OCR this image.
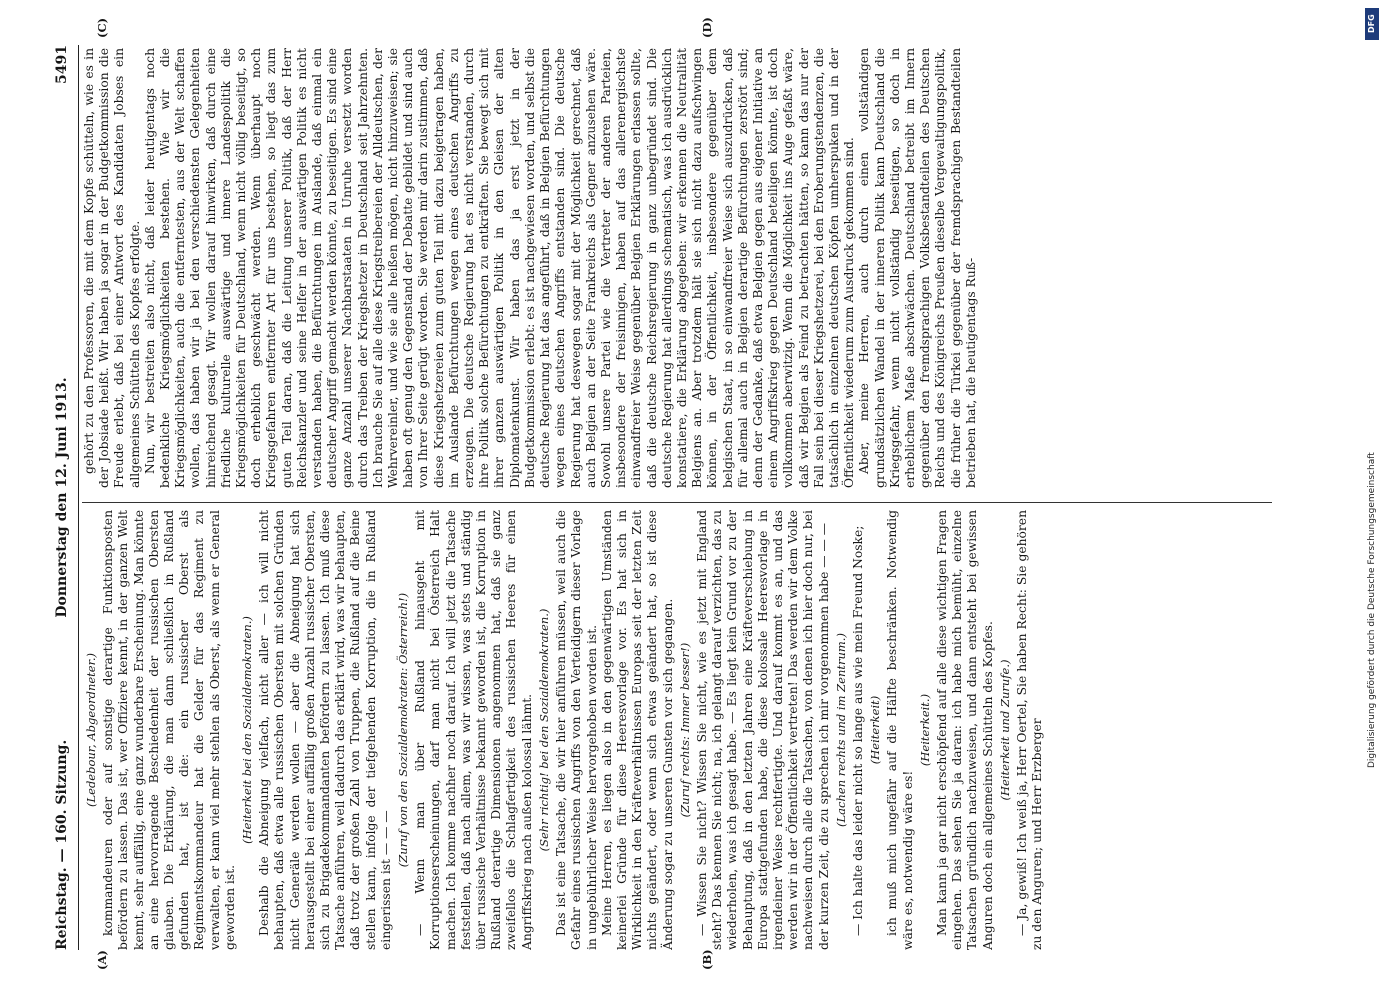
Reichstag. — 160. Sitzung.
Donnerstag den 12. Juni 1913.
5491
(A)	(B)
(C)	(D)

(Ledebour, Abgeordneter.) kommandeuren oder auf sonstige derartige Funktionsposten befördern zu lassen. Das ist, wer Offiziere kennt, in der ganzen Welt kennt, sehr auffällig, eine ganz wunderbare Erscheinung. Man könnte an eine hervorragende Beschiedenheit der russischen Obersten glauben. Die Erklärung, die man dann schließlich in Rußland gefunden hat, ist die: ein russischer Oberst als Regimentskommandeur hat die Gelder für das Regiment zu verwalten, er kann viel mehr stehlen als Oberst, als wenn er General geworden ist.

(Heiterkeit bei den Sozialdemokraten.) Deshalb die Abneigung vielfach, nicht aller — ich will nicht behaupten, daß etwa alle russischen Obersten mit solchen Gründen nicht Generäle werden wollen — aber die Abneigung hat sich herausgestellt bei einer auffällig großen Anzahl russischer Obersten, sich zu Brigadekommandanten befördern zu lassen. Ich muß diese Tatsache anführen, weil dadurch das erklärt wird, was wir behaupten, daß trotz der großen Zahl von Truppen, die Rußland auf die Beine stellen kann, infolge der tiefgehenden Korruption, die in Rußland eingerissen ist — — —

(Zuruf von den Sozialdemokraten: Österreich!) — Wenn man über Rußland hinausgeht mit Korruptionserscheinungen, darf man nicht bei Österreich Halt machen. Ich komme nachher noch darauf. Ich will jetzt die Tatsache feststellen, daß nach allem, was wir wissen, was stets und ständig über russische Verhältnisse bekannt geworden ist, die Korruption in Rußland derartige Dimensionen angenommen hat, daß sie ganz zweifellos die Schlagfertigkeit des russischen Heeres für einen Angriffskrieg nach außen kolossal lähmt. (Sehr richtig! bei den Sozialdemokraten.) Das ist eine Tatsache, die wir hier anführen müssen, weil auch die Gefahr eines russischen Angriffs von den Verteidigern dieser Vorlage in ungebührlicher Weise hervorgehoben worden ist. Meine Herren, es liegen also in den gegenwärtigen Umständen keinerlei Gründe für diese Heeresvorlage vor. Es hat sich in Wirklichkeit in den Kräfteverhältnissen Europas seit der letzten Zeit nichts geändert, oder wenn sich etwas geändert hat, so ist diese Änderung sogar zu unseren Gunsten vor sich gegangen. (Zuruf rechts: Immer besser!) — Wissen Sie nicht? Wissen Sie nicht, wie es jetzt mit England steht? Das kennen Sie nicht; na, ich gelangt darauf verzichten, das zu wiederholen, was ich gesagt habe. — Es liegt kein Grund vor zu der Behauptung, daß in den letzten Jahren eine Kräfteverschiebung in Europa stattgefunden habe, die diese kolossale Heeresvorlage in irgendeiner Weise rechtfertigte. Und darauf kommt es an, und das werden wir in der Öffentlichkeit vertreten! Das werden wir dem Volke nachweisen durch alle die Tatsachen, von denen ich hier doch nur, bei der kurzen Zeit, die zu sprechen ich mir vorgenommen habe — — — (Lachen rechts und im Zentrum.) — Ich halte das leider nicht so lange aus wie mein Freund Noske; (Heiterkeit) ich muß mich ungefähr auf die Hälfte beschränken. Notwendig wäre es, notwendig wäre es!

(Heiterkeit.) Man kann ja gar nicht erschöpfend auf alle diese wichtigen Fragen eingehen. Das sehen Sie ja daran: ich habe mich bemüht, einzelne Tatsachen gründlich nachzuweisen, und dann entsteht bei gewissen Anguren doch ein allgemeines Schütteln des Kopfes. (Heiterkeit und Zurufe.) — Ja, gewiß! Ich weiß ja, Herr Oertel, Sie haben Recht: Sie gehören zu den Anguren; und Herr Erzberger

gehört zu den Professoren, die mit dem Kopfe schütteln, wie es in der Jobsiade heißt. Wir haben ja sogar in der Budgetkommission die Freude erlebt, daß bei einer Antwort des Kandidaten Jobses ein allgemeines Schütteln des Kopfes erfolgte. Nun, wir bestreiten also nicht, daß leider heutigentags noch bedenkliche Kriegsmöglichkeiten bestehen. Wie wir die Kriegsmöglichkeiten, auch die entferntesten, aus der Welt schaffen wollen, das haben wir ja bei den verschiedensten Gelegenheiten hinreichend gesagt. Wir wollen darauf hinwirken, daß durch eine friedliche kulturelle auswärtige und innere Landespolitik die Kriegsmöglichkeiten für Deutschland, wenn nicht völlig beseitigt, so doch erheblich geschwächt werden. Wenn überhaupt noch Kriegsgefahren entfernter Art für uns bestehen, so liegt das zum guten Teil daran, daß die Leitung unserer Politik, daß der Herr Reichskanzler und seine Helfer in der auswärtigen Politik es nicht verstanden haben, die Befürchtungen im Auslande, daß einmal ein deutscher Angriff gemacht werden könnte, zu beseitigen. Es sind eine ganze Anzahl unserer Nachbarstaaten in Unruhe versetzt worden durch das Treiben der Kriegshetzer in Deutschland seit Jahrzehnten. Ich brauche Sie auf alle diese Kriegstreibereien der Alldeutschen, der Wehrvereinler, und wie sie alle heißen mögen, nicht hinzuweisen; sie haben oft genug den Gegenstand der Debatte gebildet und sind auch von Ihrer Seite gerügt worden. Sie werden mir darin zustimmen, daß diese Kriegshetzereien zum guten Teil mit dazu beigetragen haben, im Auslande Befürchtungen wegen eines deutschen Angriffs zu erzeugen. Die deutsche Regierung hat es nicht verstanden, durch ihre Politik solche Befürchtungen zu entkräften. Sie bewegt sich mit ihrer ganzen auswärtigen Politik in den Gleisen der alten Diplomatenkunst. Wir haben das ja erst jetzt in der Budgetkommission erlebt: es ist nachgewiesen worden, und selbst die deutsche Regierung hat das angeführt, daß in Belgien Befürchtungen wegen eines deutschen Angriffs entstanden sind. Die deutsche Regierung hat deswegen sogar mit der Möglichkeit gerechnet, daß auch Belgien an der Seite Frankreichs als Gegner anzusehen wäre. Sowohl unsere Partei wie die Vertreter der anderen Parteien, insbesondere der freisinnigen, haben auf das allerenergischste einwandfreier Weise gegenüber Belgien Erklärungen erlassen sollte, daß die deutsche Reichsregierung in ganz unbegründet sind. Die deutsche Regierung hat allerdings schematisch, was ich ausdrücklich konstatiere, die Erklärung abgegeben: wir erkennen die Neutralität Belgiens an. Aber trotzdem hält sie sich nicht dazu aufschwingen können, in der Öffentlichkeit, insbesondere gegenüber dem belgischen Staat, in so einwandfreier Weise sich auszudrücken, daß für allemal auch in Belgien derartige Befürchtungen zerstört sind; denn der Gedanke, daß etwa Belgien gegen aus eigener Initiative an einem Angriffskrieg gegen Deutschland beteiligen könnte, ist doch vollkommen aberwitzig. Wenn die Möglichkeit ins Auge gefaßt wäre, daß wir Belgien als Feind zu betrachten hätten, so kann das nur der Fall sein bei dieser Kriegshetzerei, bei den Eroberungstendenzen, die tatsächlich in einzelnen deutschen Köpfen umherspuken und in der Öffentlichkeit wiederum zum Ausdruck gekommen sind. Aber, meine Herren, auch durch einen vollständigen grundsätzlichen Wandel in der inneren Politik kann Deutschland die Kriegsgefahr, wenn nicht vollständig beseitigen, so doch in erheblichem Maße abschwächen. Deutschland betreibt im Innern gegenüber den fremdsprachigen Volksbestandteilen des Deutschen Reichs und des Königreichs Preußen dieselbe Vergewaltigungspolitik, die früher die Türkei gegenüber der fremdsprachigen Bestandteilen betrieben hat, die heutigentags Ruß-

DFG
Digitalisierung gefördert durch die Deutsche Forschungsgemeinschaft
